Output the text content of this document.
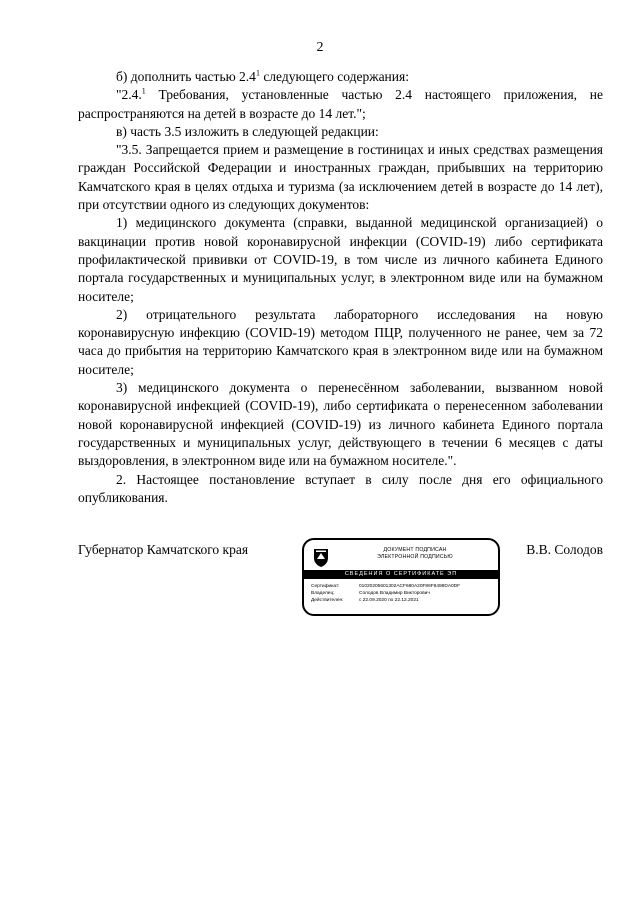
2

б) дополнить частью $2.4^1$ следующего содержания:

"2.4.$^1$ Требования, установленные частью 2.4 настоящего приложения, не распространяются на детей в возрасте до 14 лет.";

в) часть 3.5 изложить в следующей редакции:

"3.5. Запрещается прием и размещение в гостиницах и иных средствах размещения граждан Российской Федерации и иностранных граждан, прибывших на территорию Камчатского края в целях отдыха и туризма (за исключением детей в возрасте до 14 лет), при отсутствии одного из следующих документов:

1) медицинского документа (справки, выданной медицинской организацией) о вакцинации против новой коронавирусной инфекции (COVID-19) либо сертификата профилактической прививки от COVID-19, в том числе из личного кабинета Единого портала государственных и муниципальных услуг, в электронном виде или на бумажном носителе;

2) отрицательного результата лабораторного исследования на новую коронавирусную инфекцию (COVID-19) методом ПЦР, полученного не ранее, чем за 72 часа до прибытия на территорию Камчатского края в электронном виде или на бумажном носителе;

3) медицинского документа о перенесённом заболевании, вызванном новой коронавирусной инфекцией (COVID-19), либо сертификата о перенесенном заболевании новой коронавирусной инфекцией (COVID-19) из личного кабинета Единого портала государственных и муниципальных услуг, действующего в течении 6 месяцев с даты выздоровления, в электронном виде или на бумажном носителе.".

2. Настоящее постановление вступает в силу после дня его официального опубликования.

Губернатор Камчатского края	ДОКУМЕНТ ПОДПИСАН
ЭЛЕКТРОННОЙ ПОДПИСЬЮ
СВЕДЕНИЯ О СЕРТИФИКАТЕ ЭП
Сертификат:	01020205601302ACF680A20F86F8498DA0DF
Владелец:	Солодов Владимир Викторович
Действителен:	с 22.09.2020 по 22.12.2021
В.В. Солодов
